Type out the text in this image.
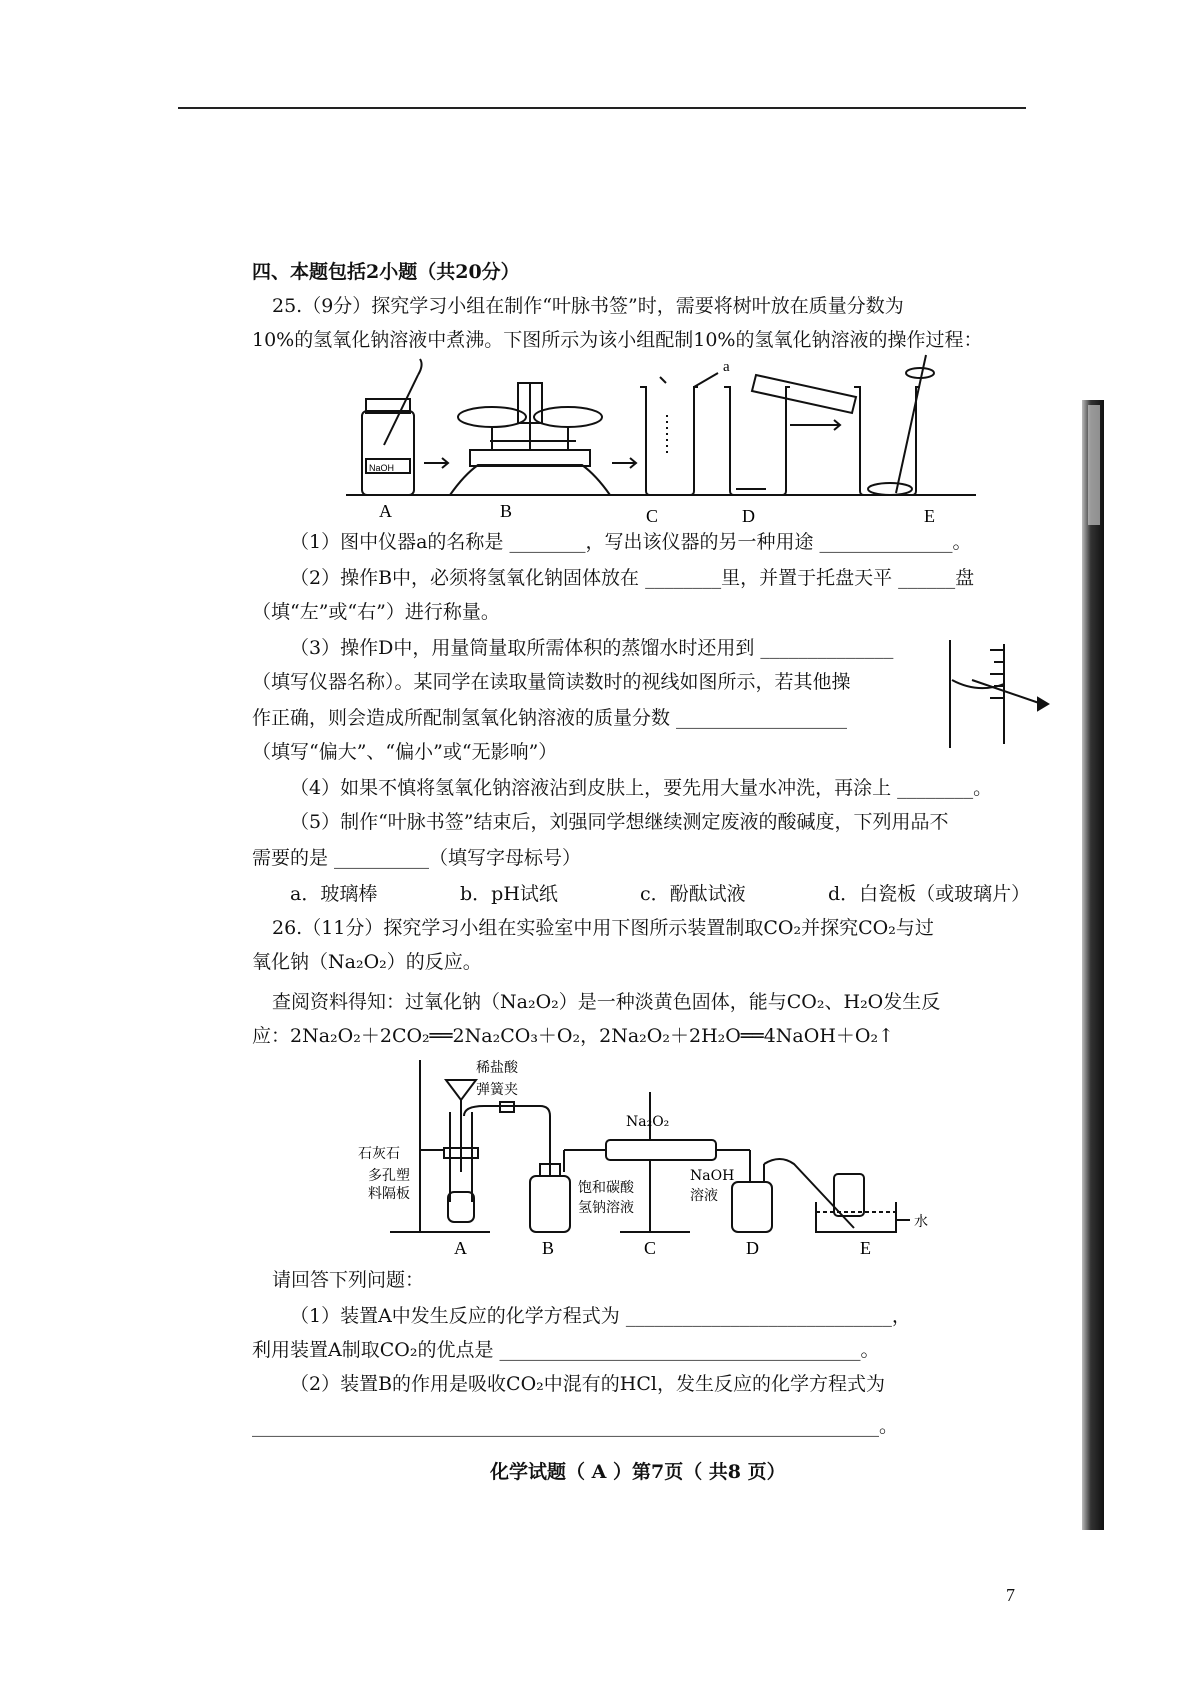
四、本题包括2小题（共20分）
25.（9分）探究学习小组在制作“叶脉书签”时，需要将树叶放在质量分数为
10%的氢氧化钠溶液中煮沸。下图所示为该小组配制10%的氢氧化钠溶液的操作过程：
A	B	C	D	E
a
NaOH
（1）图中仪器a的名称是 ________，写出该仪器的另一种用途 ______________。
（2）操作B中，必须将氢氧化钠固体放在 ________里，并置于托盘天平 ______盘
（填“左”或“右”）进行称量。
（3）操作D中，用量筒量取所需体积的蒸馏水时还用到 ______________
（填写仪器名称）。某同学在读取量筒读数时的视线如图所示，若其他操
作正确，则会造成所配制氢氧化钠溶液的质量分数 __________________
（填写“偏大”、“偏小”或“无影响”）
（4）如果不慎将氢氧化钠溶液沾到皮肤上，要先用大量水冲洗，再涂上 ________。
（5）制作“叶脉书签”结束后，刘强同学想继续测定废液的酸碱度，下列用品不
需要的是 __________（填写字母标号）
a．玻璃棒	b．pH试纸	c．酚酞试液	d．白瓷板（或玻璃片）
26.（11分）探究学习小组在实验室中用下图所示装置制取CO₂并探究CO₂与过
氧化钠（Na₂O₂）的反应。
查阅资料得知：过氧化钠（Na₂O₂）是一种淡黄色固体，能与CO₂、H₂O发生反
应：2Na₂O₂＋2CO₂══2Na₂CO₃＋O₂，2Na₂O₂＋2H₂O══4NaOH＋O₂↑
稀盐酸
弹簧夹
石灰石
多孔塑
料隔板	饱和碳酸
氢钠溶液
Na₂O₂
NaOH
溶液
水
A	B	C	D	E
请回答下列问题：
（1）装置A中发生反应的化学方程式为 ____________________________，
利用装置A制取CO₂的优点是 ______________________________________。
（2）装置B的作用是吸收CO₂中混有的HCl，发生反应的化学方程式为
__________________________________________________________________。
化学试题（ A ）第7页（ 共8 页）
7
